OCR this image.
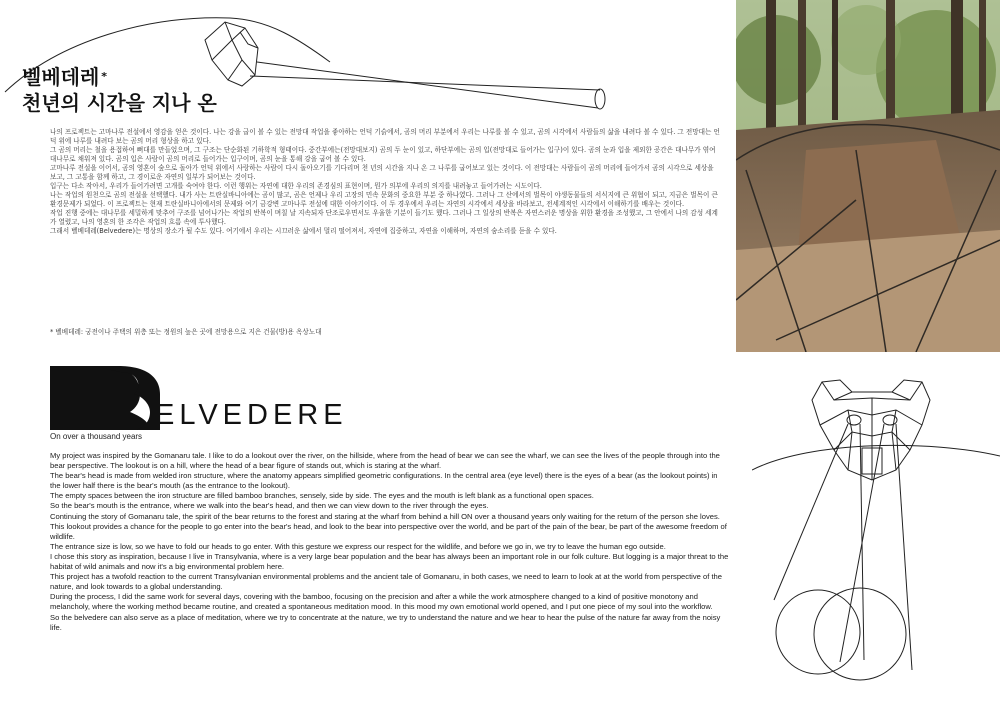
벨베데레 *
천년의 시간을 지나 온

나의 프로젝트는 고마나루 전설에서 영감을 얻은 것이다. 나는 강을 굽이 볼 수 있는 전망대 작업을 좋아하는 언덕 기슭에서, 곰의 머리 부분에서 우리는 나루를 볼 수 있고, 곰의 시각에서 사람들의 삶을 내려다 볼 수 있다. 그 전망대는 언덕 위에 나루를 내려다 보는 곰의 머리 형상을 하고 있다.

그 곰의 머리는 철을 용접하여 뼈대를 만들었으며, 그 구조는 단순화된 기하학적 형태이다. 중간부에는(전망대보지) 곰의 두 눈이 있고, 하단부에는 곰의 입(전망대로 들어가는 입구)이 있다. 곰의 눈과 입을 제외한 공간은 대나무가 엮여 대나무로 채워져 있다. 곰의 입은 사람이 곰의 머리로 들어가는 입구이며, 곰의 눈을 통해 강을 굽어 볼 수 있다.

고마나루 전설을 이어서, 곰의 영혼이 숲으로 돌아가 언덕 위에서 사랑하는 사람이 다시 돌아오기를 기다리며 천 년의 시간을 지나 온 그 나루를 굽어보고 있는 것이다. 이 전망대는 사람들이 곰의 머리에 들어가서 곰의 시각으로 세상을 보고, 그 고통을 함께 하고, 그 경이로운 자연의 일부가 되어보는 것이다.

입구는 다소 작아서, 우리가 들어가려면 고개를 숙여야 한다. 이런 행위는 자연에 대한 우리의 존경심의 표현이며, 뭔가 의부에 우리의 의지를 내려놓고 들어가려는 시도이다.

나는 작업의 원천으로 곰의 전설을 선택했다. 내가 사는 트란실바니아에는 곰이 많고, 곰은 언제나 우리 고장의 민속 문화의 중요한 부분 중 하나였다. 그러나 그 산에서의 벌목이 야생동물들의 서식지에 큰 위협이 되고, 지금은 벌목이 큰 환경문제가 되었다. 이 프로젝트는 현재 트란실바니아에서의 문제와 여기 금강변 고마나루 전설에 대한 이야기이다. 이 두 경우에서 우리는 자연의 시각에서 세상을 바라보고, 전세계적인 시각에서 이해하기를 배우는 것이다.

작업 진행 중에는 대나무를 세밀하게 맞추어 구조를 넘어나가는 작업의 반복이 며칠 날 지속되자 단조로우면서도 우울한 기분이 들기도 했다. 그러나 그 일상의 반복은 자연스러운 명상을 위한 환경을 조성했고, 그 안에서 나의 감성 세계가 열렸고, 나의 영혼의 한 조각은 작업의 흐름 속에 투사했다.

그래서 벨베데레(Belvedere)는 명상의 장소가 될 수도 있다. 여기에서 우리는 시끄러운 삶에서 멀리 떨어져서, 자연에 집중하고, 자연을 이해하며, 자연의 숨소리를 듣을 수 있다.

* 벨베데레: 궁전이나 주택의 위층 또는 정원의 높은 곳에 전망용으로 지은 건물(방)용 옥상노대
ELVEDERE
On over a thousand years

My project was inspired by the Gomanaru tale. I like to do a lookout over the river, on the hillside, where from the head of bear we can see the wharf, we can see the lives of the people through into the bear perspective. The lookout is on a hill, where the head of a bear figure of stands out, which is staring at the wharf.

The bear's head is made from welded iron structure, where the anatomy appears simplified geometric configurations. In the central area (eye level) there is the eyes of a bear (as the lookout points) in the lower half there is the bear's mouth (as the entrance to the lookout).

The empty spaces between the iron structure are filled bamboo branches, sensely, side by side. The eyes and the mouth is left blank as a functional open spaces.

So the bear's mouth is the entrance, where we walk into the bear's head, and then we can view down to the river through the eyes.

Continuing the story of Gomanaru tale, the spirit of the bear returns to the forest and staring at the wharf from behind a hill ON over a thousand years only waiting for the return of the person she loves. This lookout provides a chance for the people to go enter into the bear's head, and look to the bear into perspective over the world, and be part of the pain of the bear, be part of the awesome freedom of wildlife.

The entrance size is low, so we have to fold our heads to go enter. With this gesture we express our respect for the wildlife, and before we go in, we try to leave the human ego outside.

I chose this story as inspiration, because I live in Transylvania, where is a very large bear population and the bear has always been an important role in our folk culture. But logging is a major threat to the habitat of wild animals and now it's a big environmental problem here.

This project has a twofold reaction to the current Transylvanian environmental problems and the ancient tale of Gomanaru, in both cases, we need to learn to look at at the world from perspective of the nature, and look towards to a global understanding.

During the process, I did the same work for several days, covering with the bamboo, focusing on the precision and after a while the work atmosphere changed to a kind of positive monotony and melancholy, where the working method became routine, and created a spontaneous meditation mood. In this mood my own emotional world opened, and I put one piece of my soul into the workflow.

So the belvedere can also serve as a place of meditation, where we try to concentrate at the nature, we try to understand the nature and we hear to hear the pulse of the nature far away from the noisy life.
